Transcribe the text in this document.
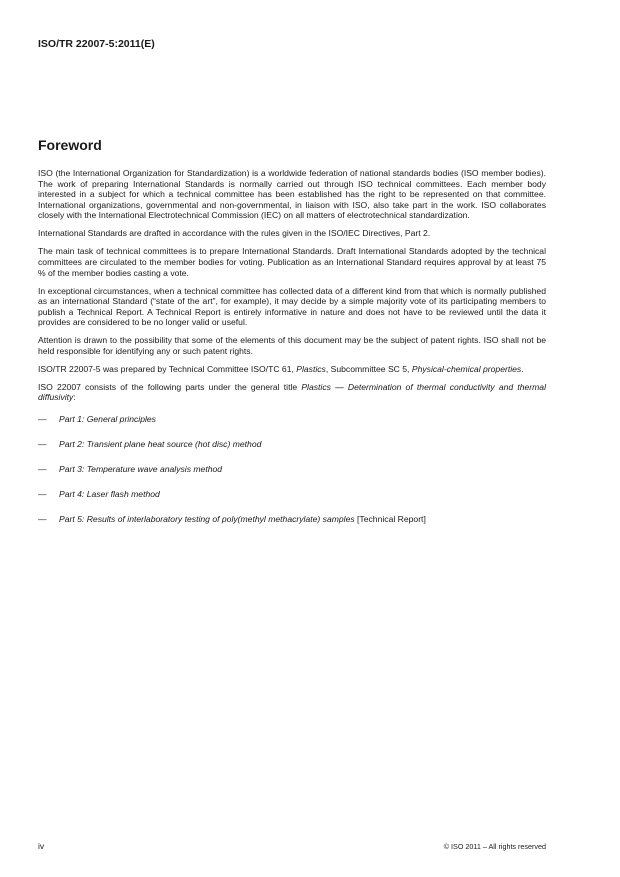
ISO/TR 22007-5:2011(E)
Foreword

ISO (the International Organization for Standardization) is a worldwide federation of national standards bodies (ISO member bodies). The work of preparing International Standards is normally carried out through ISO technical committees. Each member body interested in a subject for which a technical committee has been established has the right to be represented on that committee. International organizations, governmental and non-governmental, in liaison with ISO, also take part in the work. ISO collaborates closely with the International Electrotechnical Commission (IEC) on all matters of electrotechnical standardization.

International Standards are drafted in accordance with the rules given in the ISO/IEC Directives, Part 2.

The main task of technical committees is to prepare International Standards. Draft International Standards adopted by the technical committees are circulated to the member bodies for voting. Publication as an International Standard requires approval by at least 75 % of the member bodies casting a vote.

In exceptional circumstances, when a technical committee has collected data of a different kind from that which is normally published as an international Standard (“state of the art”, for example), it may decide by a simple majority vote of its participating members to publish a Technical Report. A Technical Report is entirely informative in nature and does not have to be reviewed until the data it provides are considered to be no longer valid or useful.

Attention is drawn to the possibility that some of the elements of this document may be the subject of patent rights. ISO shall not be held responsible for identifying any or such patent rights.

ISO/TR 22007-5 was prepared by Technical Committee ISO/TC 61, Plastics, Subcommittee SC 5, Physical-chemical properties.

ISO 22007 consists of the following parts under the general title Plastics — Determination of thermal conductivity and thermal diffusivity:

—	Part 1: General principles
—	Part 2: Transient plane heat source (hot disc) method
—	Part 3: Temperature wave analysis method
—	Part 4: Laser flash method
—	Part 5: Results of interlaboratory testing of poly(methyl methacrylate) samples [Technical Report]
iv	© ISO 2011 – All rights reserved
